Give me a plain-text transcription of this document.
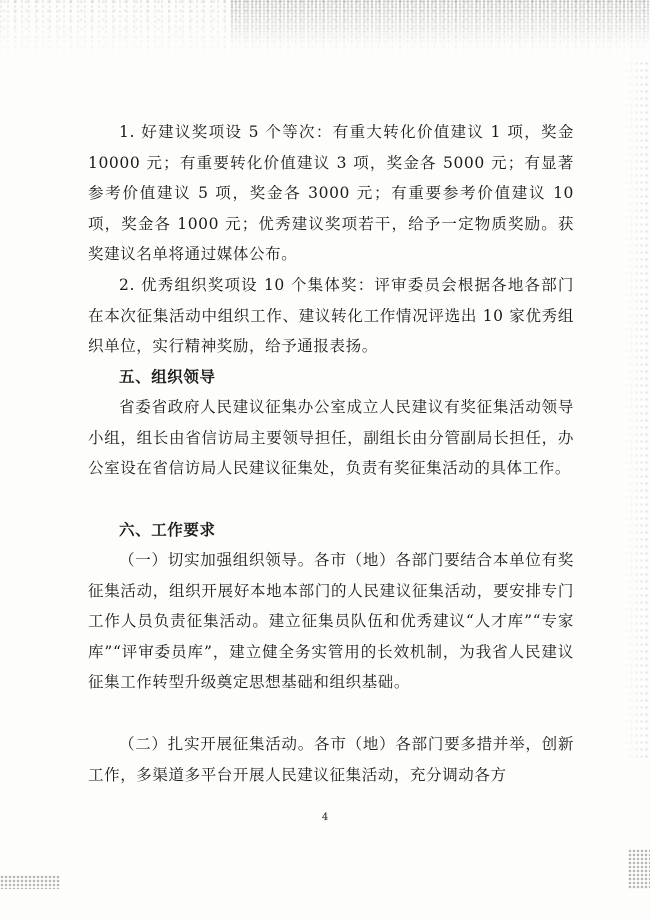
1. 好建议奖项设 5 个等次：有重大转化价值建议 1 项，奖金 10000 元；有重要转化价值建议 3 项，奖金各 5000 元；有显著参考价值建议 5 项，奖金各 3000 元；有重要参考价值建议 10 项，奖金各 1000 元；优秀建议奖项若干，给予一定物质奖励。获奖建议名单将通过媒体公布。

2. 优秀组织奖项设 10 个集体奖：评审委员会根据各地各部门在本次征集活动中组织工作、建议转化工作情况评选出 10 家优秀组织单位，实行精神奖励，给予通报表扬。

五、组织领导

省委省政府人民建议征集办公室成立人民建议有奖征集活动领导小组，组长由省信访局主要领导担任，副组长由分管副局长担任，办公室设在省信访局人民建议征集处，负责有奖征集活动的具体工作。

六、工作要求

（一）切实加强组织领导。各市（地）各部门要结合本单位有奖征集活动，组织开展好本地本部门的人民建议征集活动，要安排专门工作人员负责征集活动。建立征集员队伍和优秀建议“人才库”“专家库”“评审委员库”，建立健全务实管用的长效机制，为我省人民建议征集工作转型升级奠定思想基础和组织基础。

（二）扎实开展征集活动。各市（地）各部门要多措并举，创新工作，多渠道多平台开展人民建议征集活动，充分调动各方

4
